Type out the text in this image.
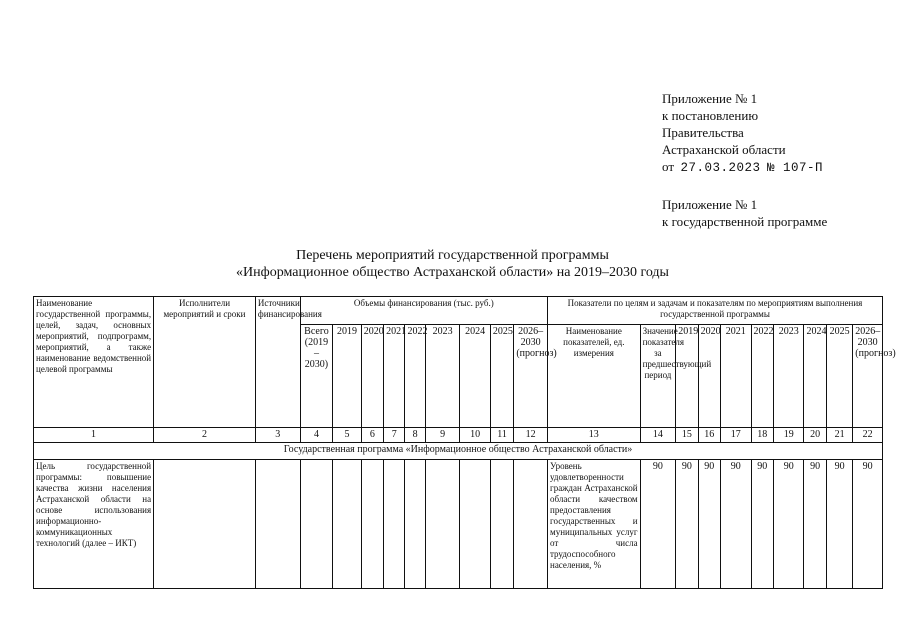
Приложение № 1
к постановлению
Правительства
Астраханской области
от 27.03.2023 № 107-П
Приложение № 1
к государственной программе
Перечень мероприятий государственной программы
«Информационное общество Астраханской области» на 2019–2030 годы
Наименование государственной программы, целей, задач, основных мероприятий, подпрограмм, мероприятий, а также наименование ведомственной целевой программы	Исполнители мероприятий и сроки	Источники финансирования	Объемы финансирования (тыс. руб.)									Показатели по целям и задачам и показателям по мероприятиям выполнения государственной программы									
			Всего (2019 – 2030)	2019	2020	2021	2022	2023	2024	2025	2026–2030 (прогноз)	Наименование показателей, ед. измерения	Значение показателя за предшествующий период	2019	2020	2021	2022	2023	2024	2025	2026–2030 (прогноз)
1	2	3	4	5	6	7	8	9	10	11	12	13	14	15	16	17	18	19	20	21	22
Государственная программа «Информационное общество Астраханской области»																					
Цель государственной программы: повышение качества жизни населения Астраханской области на основе использования информационно-коммуникационных технологий (далее – ИКТ)												Уровень удовлетворенности граждан Астраханской области качеством предоставления государственных и муниципальных услуг от числа трудоспособного населения, %	90	90	90	90	90	90	90	90	90
